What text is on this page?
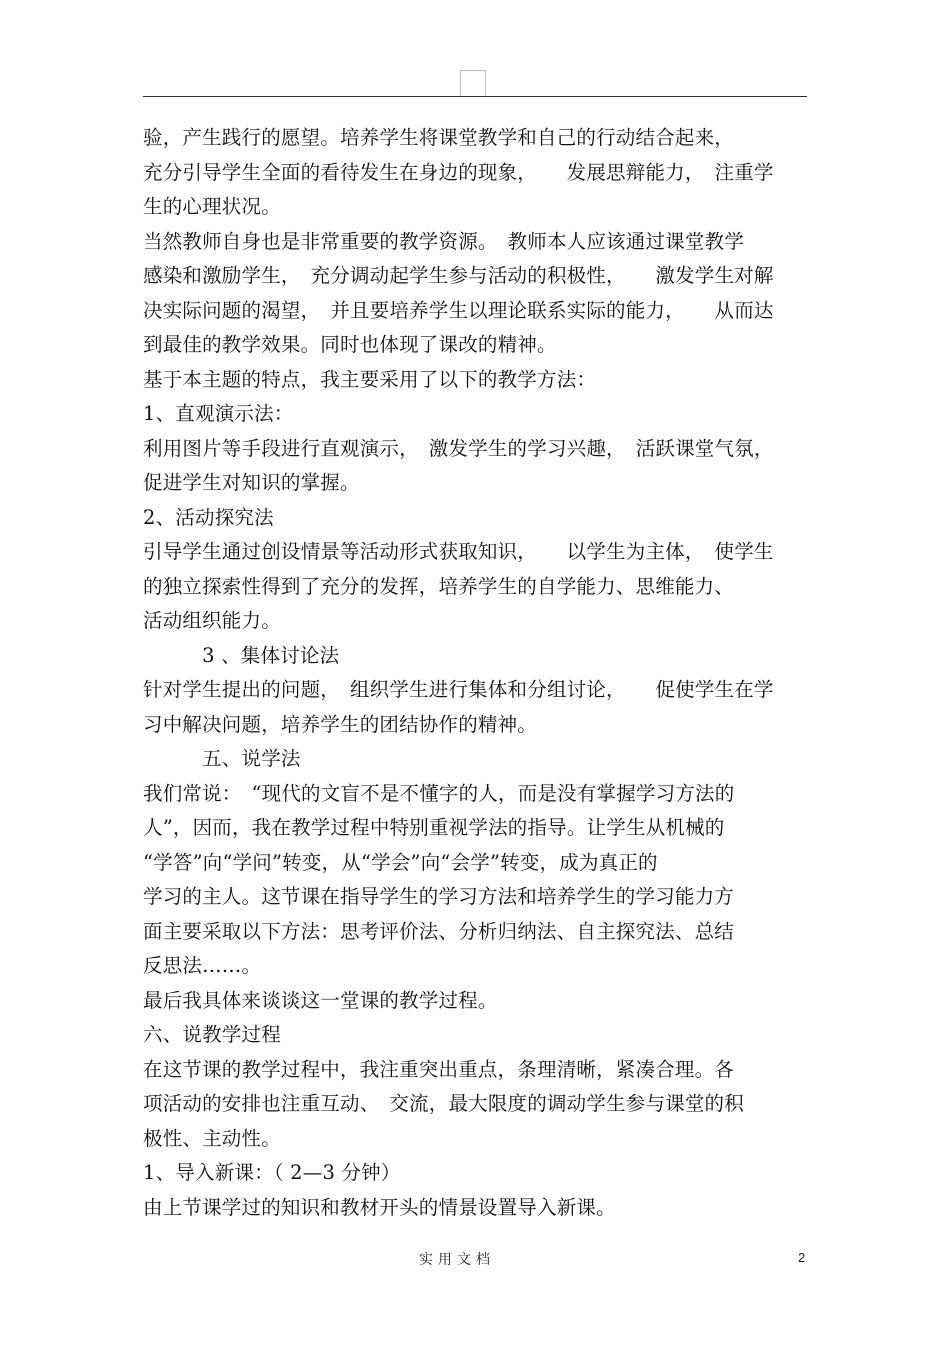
验，产生践行的愿望。培养学生将课堂教学和自己的行动结合起来，
充分引导学生全面的看待发生在身边的现象，　　发展思辩能力，　注重学
生的心理状况。
当然教师自身也是非常重要的教学资源。　教师本人应该通过课堂教学
感染和激励学生，　充分调动起学生参与活动的积极性，　　激发学生对解
决实际问题的渴望，　并且要培养学生以理论联系实际的能力，　　从而达
到最佳的教学效果。同时也体现了课改的精神。
基于本主题的特点，我主要采用了以下的教学方法：
1、直观演示法：
利用图片等手段进行直观演示，　激发学生的学习兴趣，　活跃课堂气氛，
促进学生对知识的掌握。
2、活动探究法
引导学生通过创设情景等活动形式获取知识，　　以学生为主体，　使学生
的独立探索性得到了充分的发挥，培养学生的自学能力、思维能力、
活动组织能力。
　　　3 、集体讨论法
针对学生提出的问题，　组织学生进行集体和分组讨论，　　促使学生在学
习中解决问题，培养学生的团结协作的精神。
　　　五、说学法
我们常说：　“现代的文盲不是不懂字的人，而是没有掌握学习方法的
人”，因而，我在教学过程中特别重视学法的指导。让学生从机械的
“学答”向“学问”转变，从“学会”向“会学”转变，成为真正的
学习的主人。这节课在指导学生的学习方法和培养学生的学习能力方
面主要采取以下方法：思考评价法、分析归纳法、自主探究法、总结
反思法……。
最后我具体来谈谈这一堂课的教学过程。
六、说教学过程
在这节课的教学过程中，我注重突出重点，条理清晰，紧凑合理。各
项活动的安排也注重互动、　交流，最大限度的调动学生参与课堂的积
极性、主动性。
1、导入新课：（ 2—3 分钟）
由上节课学过的知识和教材开头的情景设置导入新课。
实用文档	2
